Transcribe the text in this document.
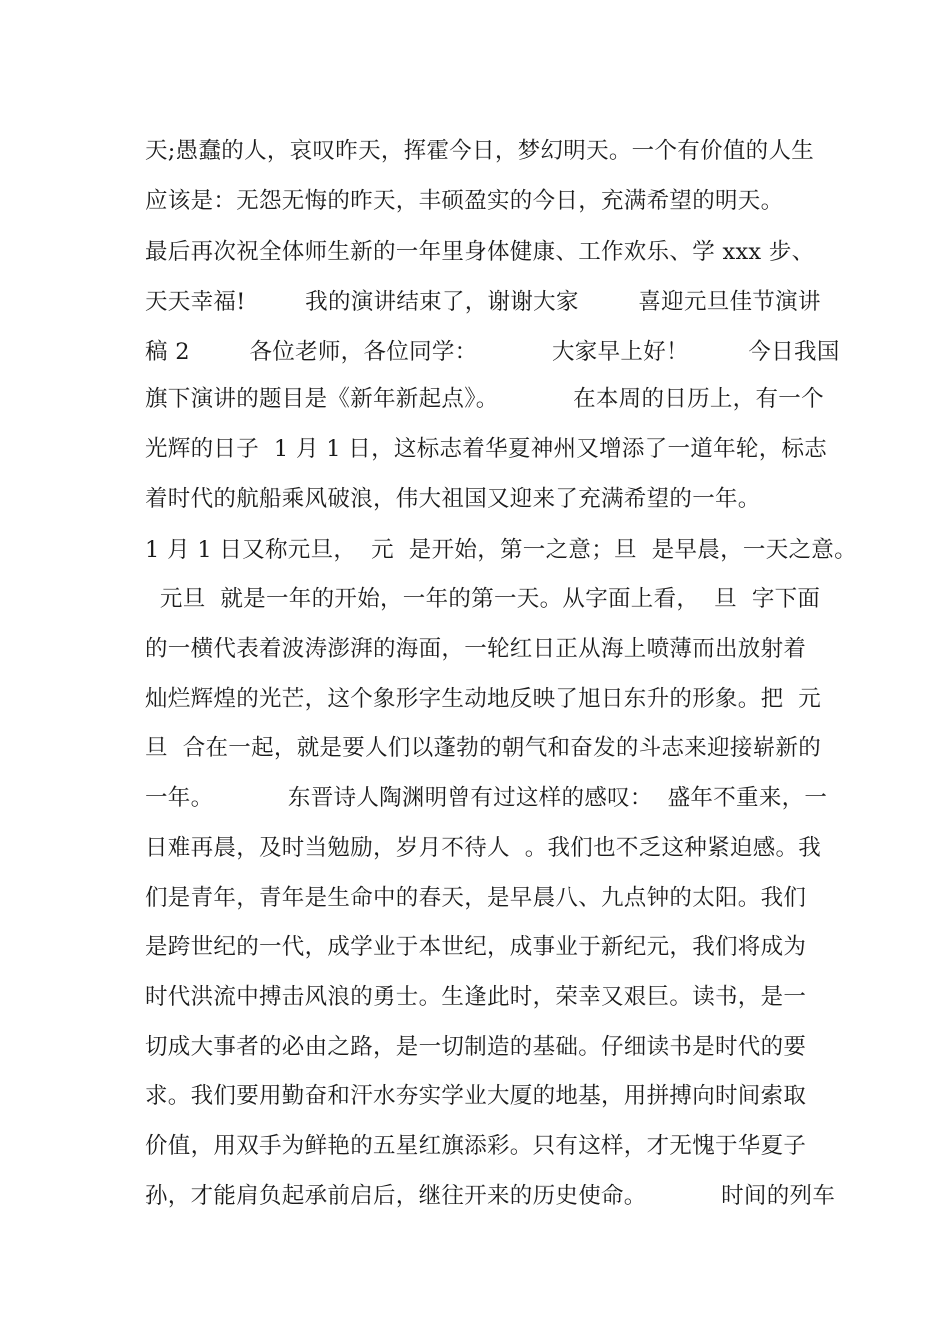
天;愚蠢的人，哀叹昨天，挥霍今日，梦幻明天。一个有价值的人生
应该是：无怨无悔的昨天，丰硕盈实的今日，充满希望的明天。
最后再次祝全体师生新的一年里身体健康、工作欢乐、学 xxx 步、
天天幸福!        我的演讲结束了，谢谢大家        喜迎元旦佳节演讲
稿 2        各位老师，各位同学：          大家早上好！        今日我国
旗下演讲的题目是《新年新起点》。          在本周的日历上，有一个
光辉的日子  1 月 1 日，这标志着华夏神州又增添了一道年轮，标志
着时代的航船乘风破浪，伟大祖国又迎来了充满希望的一年。
1 月 1 日又称元旦，  元  是开始，第一之意；旦  是早晨，一天之意。
元旦  就是一年的开始，一年的第一天。从字面上看，  旦  字下面
的一横代表着波涛澎湃的海面，一轮红日正从海上喷薄而出放射着
灿烂辉煌的光芒，这个象形字生动地反映了旭日东升的形象。把  元
旦  合在一起，就是要人们以蓬勃的朝气和奋发的斗志来迎接崭新的
一年。          东晋诗人陶渊明曾有过这样的感叹：  盛年不重来，一
日难再晨，及时当勉励，岁月不待人  。我们也不乏这种紧迫感。我
们是青年，青年是生命中的春天，是早晨八、九点钟的太阳。我们
是跨世纪的一代，成学业于本世纪，成事业于新纪元，我们将成为
时代洪流中搏击风浪的勇士。生逢此时，荣幸又艰巨。读书，是一
切成大事者的必由之路，是一切制造的基础。仔细读书是时代的要
求。我们要用勤奋和汗水夯实学业大厦的地基，用拼搏向时间索取
价值，用双手为鲜艳的五星红旗添彩。只有这样，才无愧于华夏子
孙，才能肩负起承前启后，继往开来的历史使命。          时间的列车
